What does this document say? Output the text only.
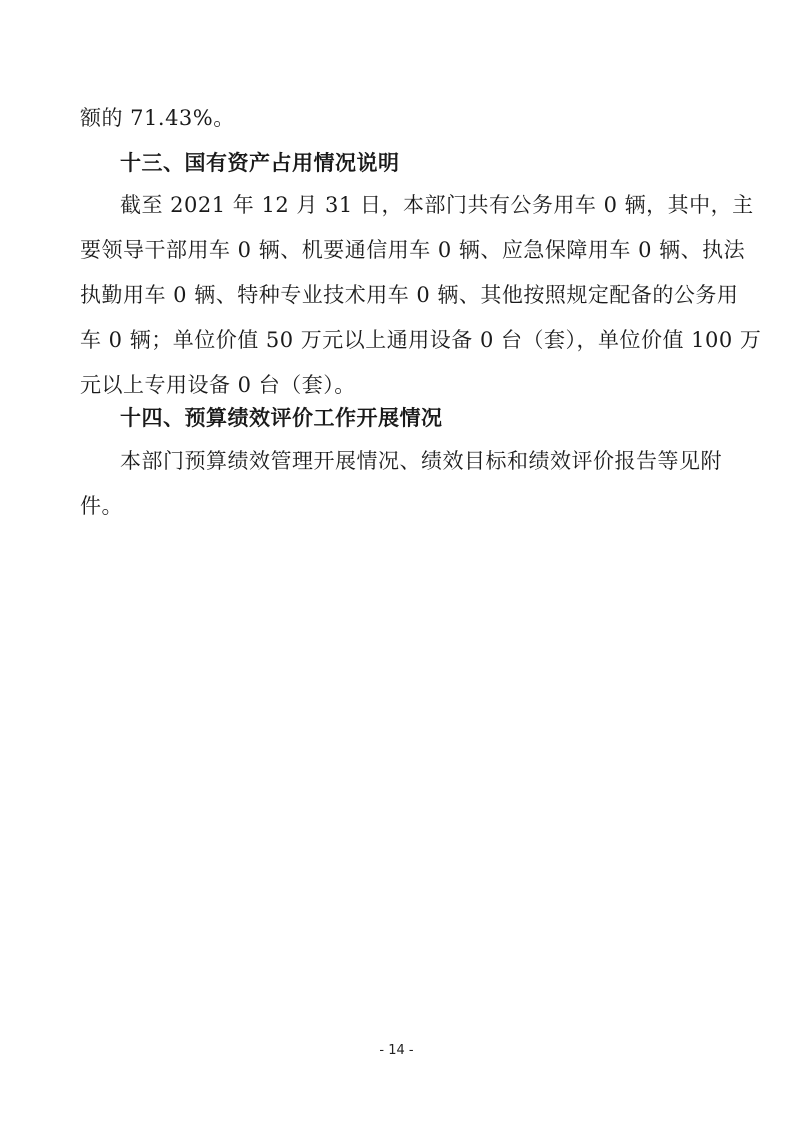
额的 71.43%。
十三、国有资产占用情况说明
截至 2021 年 12 月 31 日，本部门共有公务用车 0 辆，其中，主
要领导干部用车 0 辆、机要通信用车 0 辆、应急保障用车 0 辆、执法
执勤用车 0 辆、特种专业技术用车 0 辆、其他按照规定配备的公务用
车 0 辆；单位价值 50 万元以上通用设备 0 台（套），单位价值 100 万
元以上专用设备 0 台（套）。
十四、预算绩效评价工作开展情况
本部门预算绩效管理开展情况、绩效目标和绩效评价报告等见附
件。
- 14 -
